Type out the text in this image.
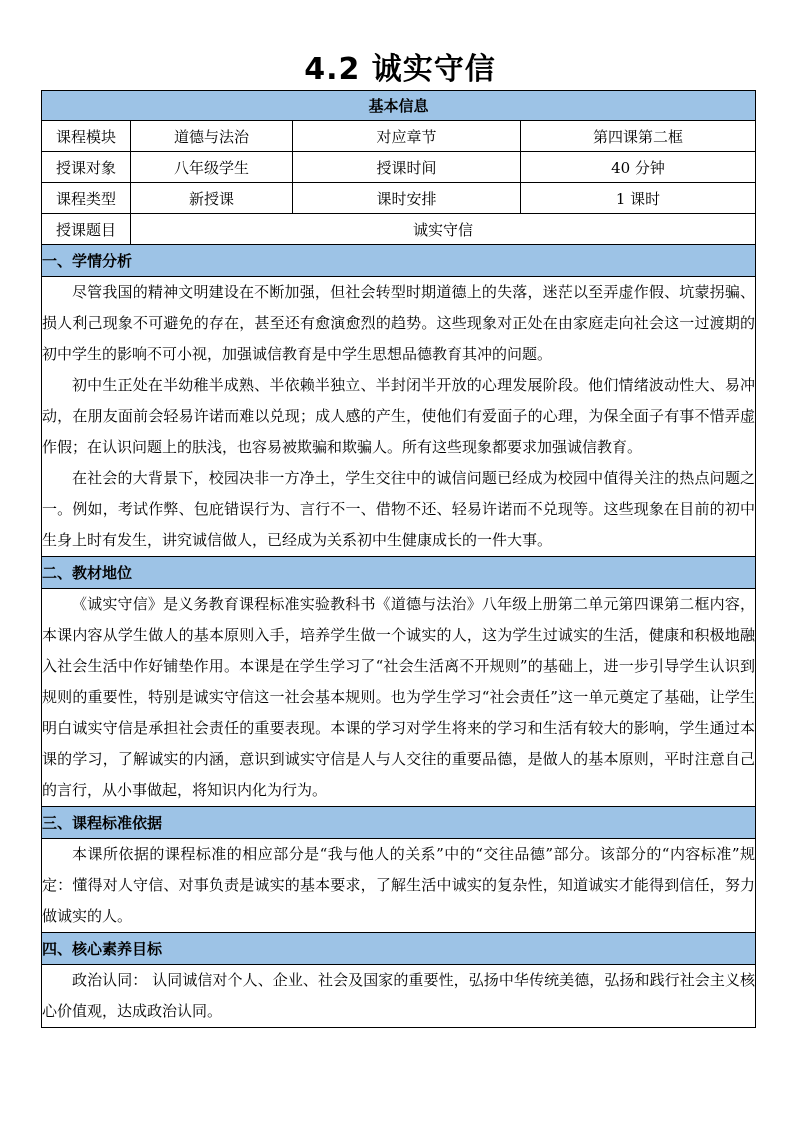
4.2 诚实守信
基本信息			
课程模块	道德与法治	对应章节	第四课第二框
授课对象	八年级学生	授课时间	40 分钟
课程类型	新授课	课时安排	1 课时
授课题目	诚实守信		
一、学情分析			

尽管我国的精神文明建设在不断加强，但社会转型时期道德上的失落，迷茫以至弄虚作假、坑蒙拐骗、损人利己现象不可避免的存在，甚至还有愈演愈烈的趋势。这些现象对正处在由家庭走向社会这一过渡期的初中学生的影响不可小视，加强诚信教育是中学生思想品德教育其冲的问题。

初中生正处在半幼稚半成熟、半依赖半独立、半封闭半开放的心理发展阶段。他们情绪波动性大、易冲动，在朋友面前会轻易许诺而难以兑现；成人感的产生，使他们有爱面子的心理，为保全面子有事不惜弄虚作假；在认识问题上的肤浅，也容易被欺骗和欺骗人。所有这些现象都要求加强诚信教育。

在社会的大背景下，校园决非一方净土，学生交往中的诚信问题已经成为校园中值得关注的热点问题之一。例如，考试作弊、包庇错误行为、言行不一、借物不还、轻易许诺而不兑现等。这些现象在目前的初中生身上时有发生，讲究诚信做人，已经成为关系初中生健康成长的一件大事。			

二、教材地位			

《诚实守信》是义务教育课程标准实验教科书《道德与法治》八年级上册第二单元第四课第二框内容，本课内容从学生做人的基本原则入手，培养学生做一个诚实的人，这为学生过诚实的生活，健康和积极地融入社会生活中作好铺垫作用。本课是在学生学习了“社会生活离不开规则”的基础上，进一步引导学生认识到规则的重要性，特别是诚实守信这一社会基本规则。也为学生学习“社会责任”这一单元奠定了基础，让学生明白诚实守信是承担社会责任的重要表现。本课的学习对学生将来的学习和生活有较大的影响，学生通过本课的学习，了解诚实的内涵，意识到诚实守信是人与人交往的重要品德，是做人的基本原则，平时注意自己的言行，从小事做起，将知识内化为行为。			

三、课程标准依据			

本课所依据的课程标准的相应部分是“我与他人的关系”中的“交往品德”部分。该部分的“内容标准”规定：懂得对人守信、对事负责是诚实的基本要求，了解生活中诚实的复杂性，知道诚实才能得到信任，努力做诚实的人。			

四、核心素养目标			

政治认同： 认同诚信对个人、企业、社会及国家的重要性，弘扬中华传统美德，弘扬和践行社会主义核心价值观，达成政治认同。			
